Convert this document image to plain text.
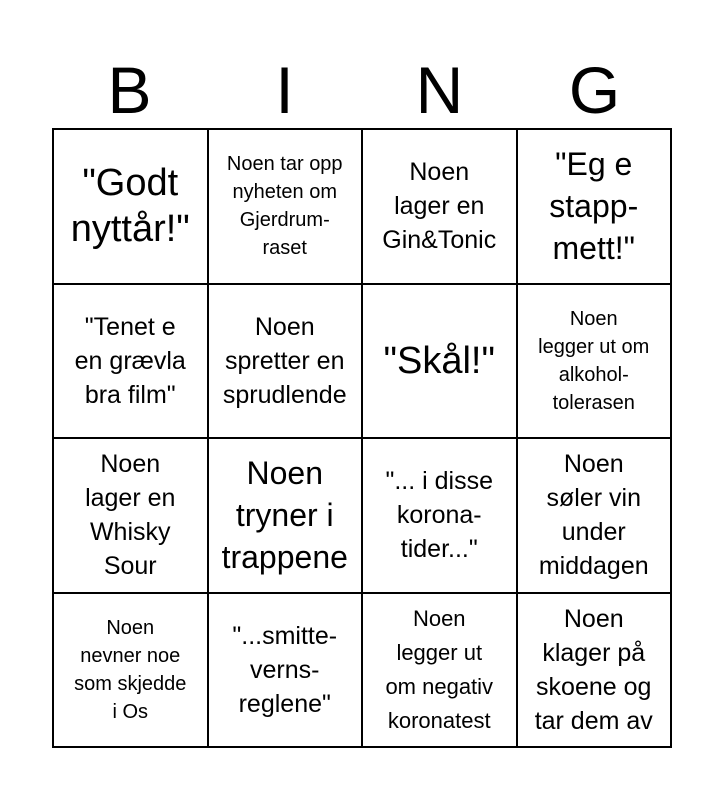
B	I	N	G
"Godt
nyttår!"
Noen tar opp
nyheten om
Gjerdrum-
raset
Noen
lager en
Gin&Tonic
"Eg e
stapp-
mett!"
"Tenet e
en grævla
bra film"
Noen
spretter en
sprudlende
"Skål!"
Noen
legger ut om
alkohol-
tolerasen
Noen
lager en
Whisky
Sour
Noen
tryner i
trappene
"... i disse
korona-
tider..."
Noen
søler vin
under
middagen
Noen
nevner noe
som skjedde
i Os
"...smitte-
verns-
reglene"
Noen
legger ut
om negativ
koronatest
Noen
klager på
skoene og
tar dem av
